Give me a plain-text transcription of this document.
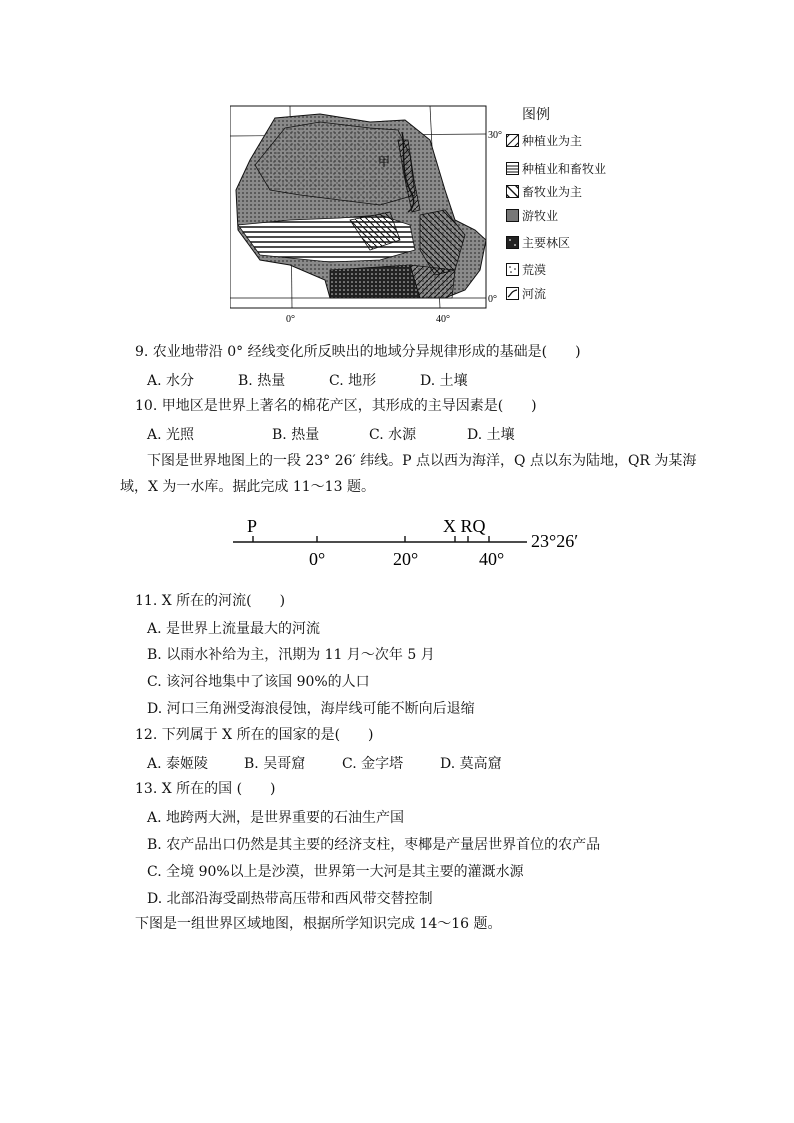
甲
30°
0°
0°	40°
图例
种植业为主
种植业和畜牧业
畜牧业为主
游牧业
主要林区
荒漠
河流
9. 农业地带沿 0° 经线变化所反映出的地域分异规律形成的基础是(　　)
A. 水分	B. 热量	C. 地形	D. 土壤
10. 甲地区是世界上著名的棉花产区，其形成的主导因素是(　　)
A. 光照	B. 热量	C. 水源	D. 土壤
下图是世界地图上的一段 23° 26′ 纬线。P 点以西为海洋，Q 点以东为陆地，QR 为某海
域，X 为一水库。据此完成 11～13 题。
P	X RQ
0°	20°	40°
23°26′
11. X 所在的河流(　　)
A. 是世界上流量最大的河流
B. 以雨水补给为主，汛期为 11 月～次年 5 月
C. 该河谷地集中了该国 90%的人口
D. 河口三角洲受海浪侵蚀，海岸线可能不断向后退缩
12. 下列属于 X 所在的国家的是(　　)
A. 泰姬陵	B. 吴哥窟	C. 金字塔	D. 莫高窟
13. X 所在的国 (　　)
A. 地跨两大洲，是世界重要的石油生产国
B. 农产品出口仍然是其主要的经济支柱，枣椰是产量居世界首位的农产品
C. 全境 90%以上是沙漠，世界第一大河是其主要的灌溉水源
D. 北部沿海受副热带高压带和西风带交替控制
下图是一组世界区域地图，根据所学知识完成 14～16 题。
